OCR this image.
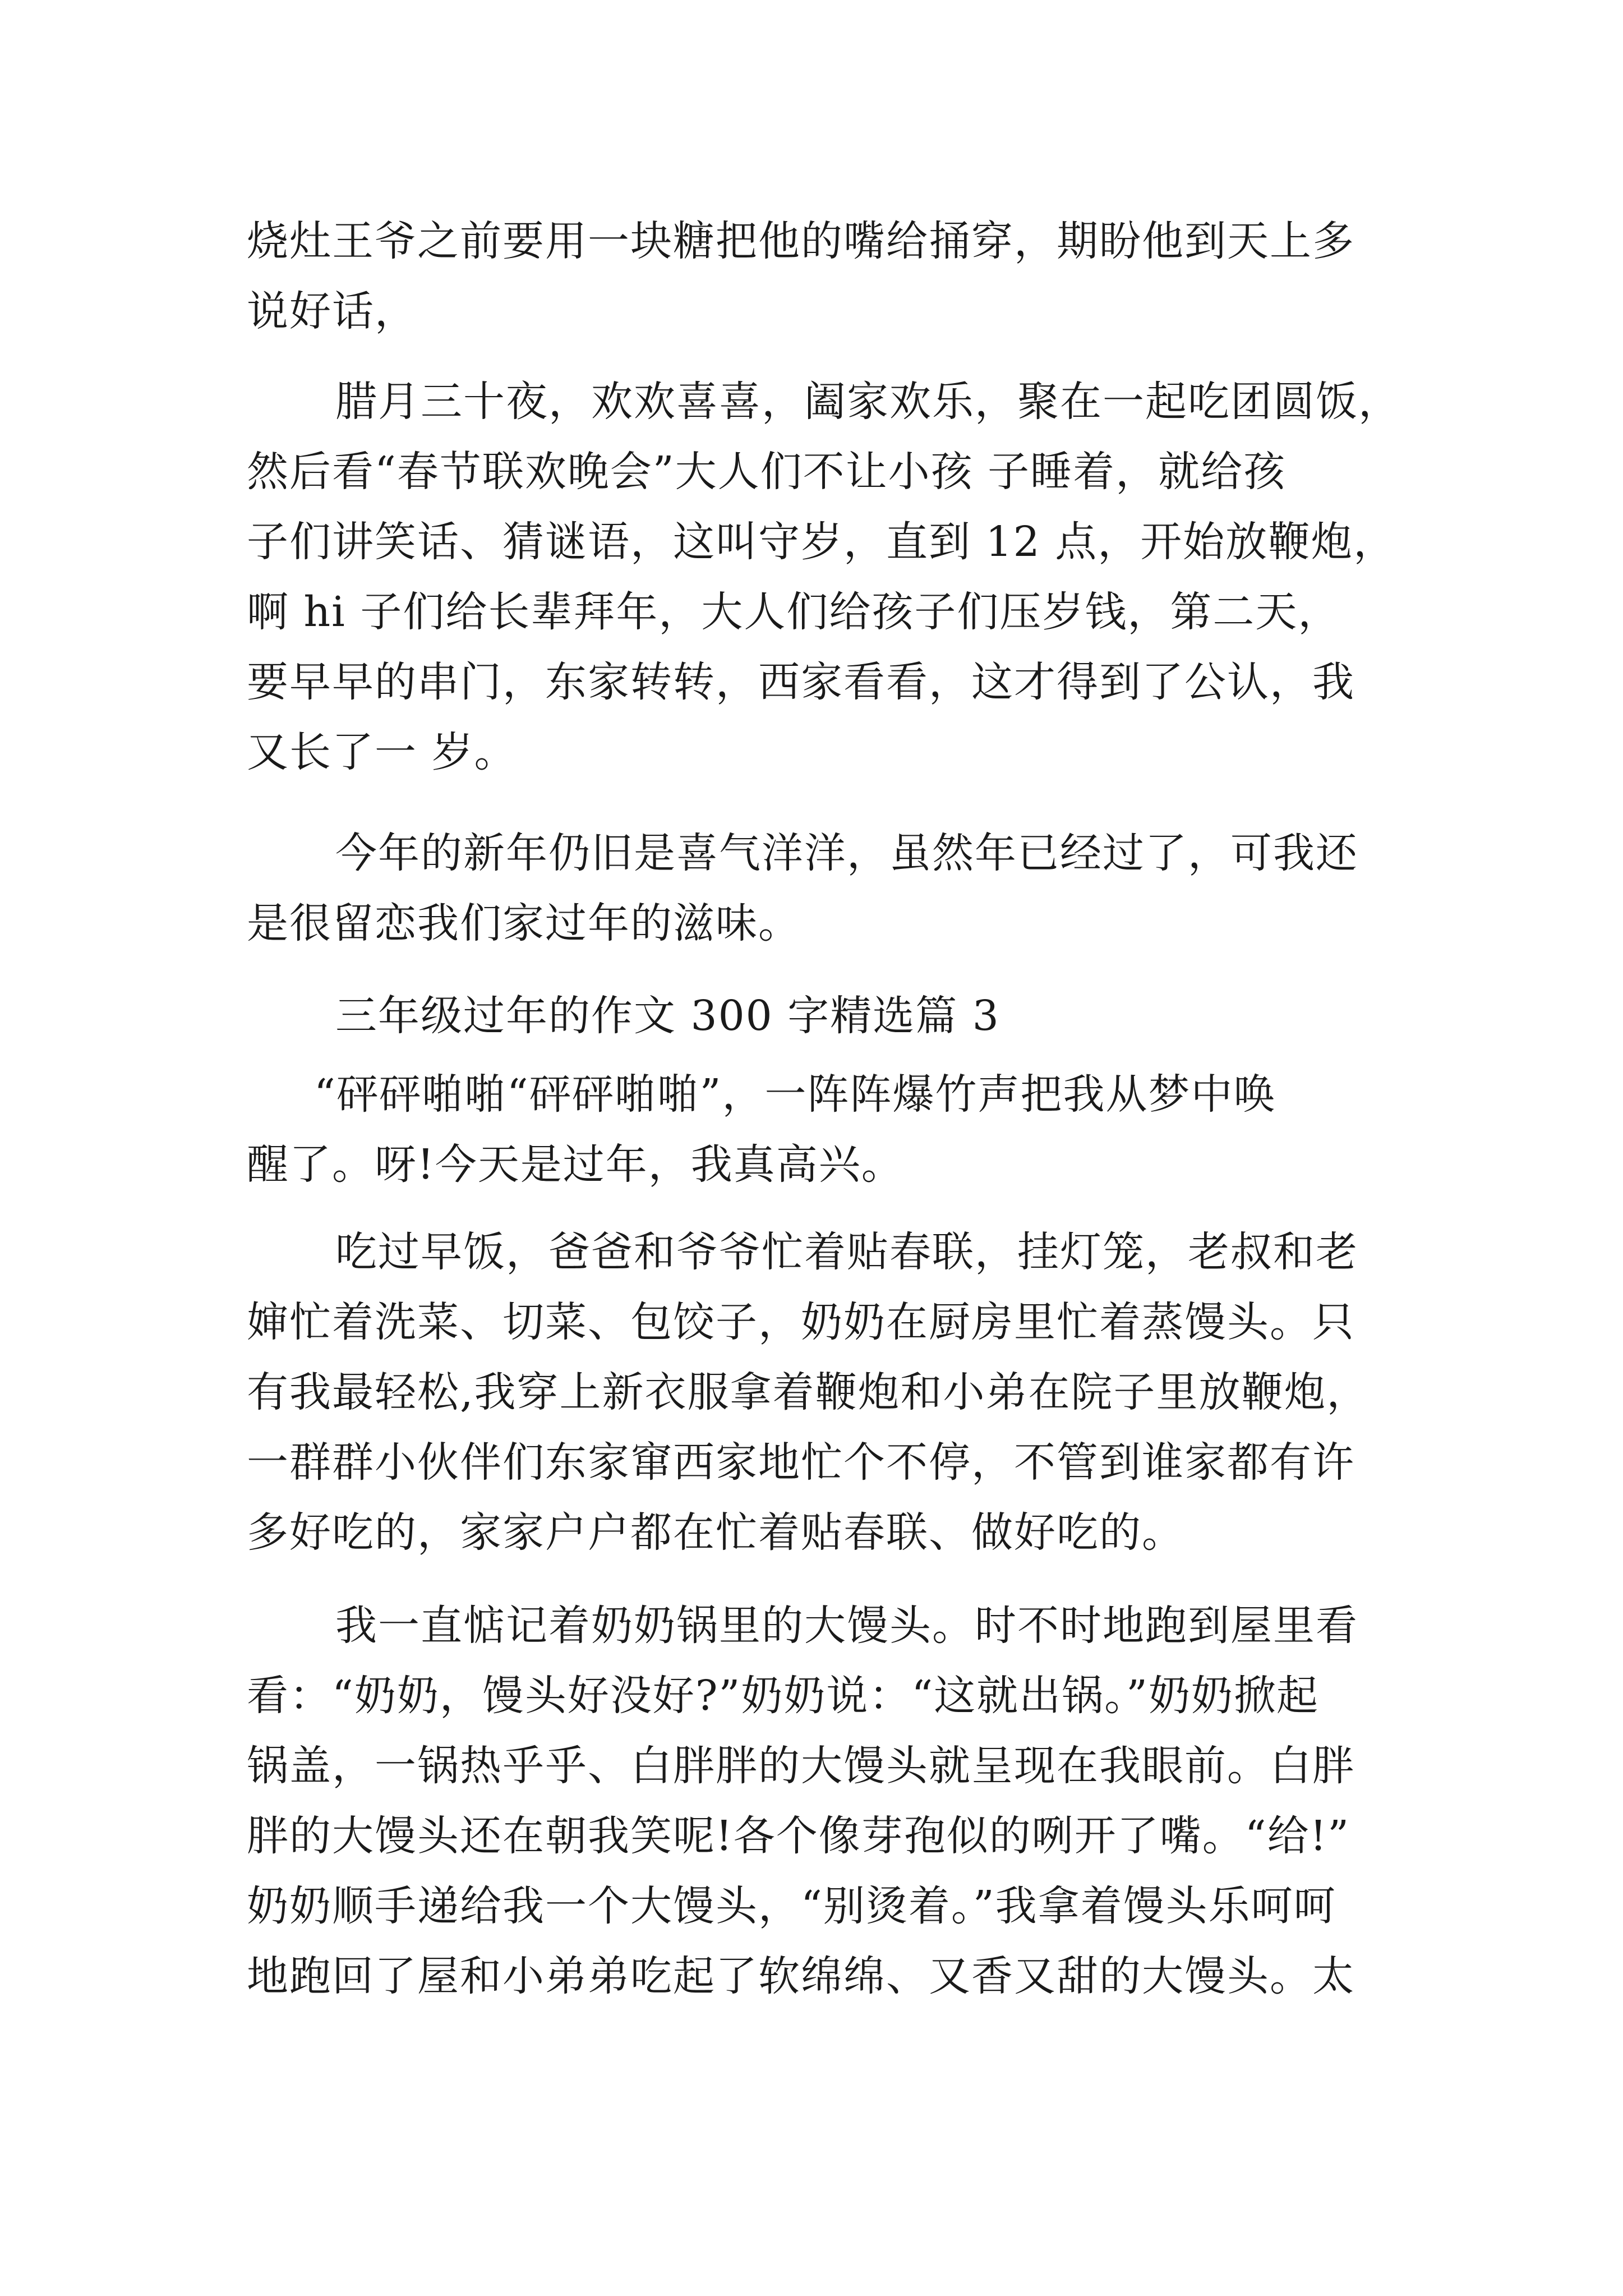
烧灶王爷之前要用一块糖把他的嘴给捅穿，期盼他到天上多
说好话，
腊月三十夜，欢欢喜喜，阖家欢乐，聚在一起吃团圆饭，
然后看“春节联欢晚会”大人们不让小孩 子睡着，就给孩
子们讲笑话、猜谜语，这叫守岁，直到 12 点，开始放鞭炮，
啊 hi 子们给长辈拜年，大人们给孩子们压岁钱，第二天，
要早早的串门，东家转转，西家看看，这才得到了公认，我
又长了一 岁。
今年的新年仍旧是喜气洋洋，虽然年已经过了，可我还
是很留恋我们家过年的滋味。
三年级过年的作文 300 字精选篇 3
“砰砰啪啪“砰砰啪啪”，一阵阵爆竹声把我从梦中唤
醒了。呀!今天是过年，我真高兴。
吃过早饭，爸爸和爷爷忙着贴春联，挂灯笼，老叔和老
婶忙着洗菜、切菜、包饺子，奶奶在厨房里忙着蒸馒头。只
有我最轻松,我穿上新衣服拿着鞭炮和小弟在院子里放鞭炮，
一群群小伙伴们东家窜西家地忙个不停，不管到谁家都有许
多好吃的，家家户户都在忙着贴春联、做好吃的。
我一直惦记着奶奶锅里的大馒头。时不时地跑到屋里看
看：“奶奶，馒头好没好?”奶奶说：“这就出锅。”奶奶掀起
锅盖，一锅热乎乎、白胖胖的大馒头就呈现在我眼前。白胖
胖的大馒头还在朝我笑呢!各个像芽孢似的咧开了嘴。“给!”
奶奶顺手递给我一个大馒头，“别烫着。”我拿着馒头乐呵呵
地跑回了屋和小弟弟吃起了软绵绵、又香又甜的大馒头。太
